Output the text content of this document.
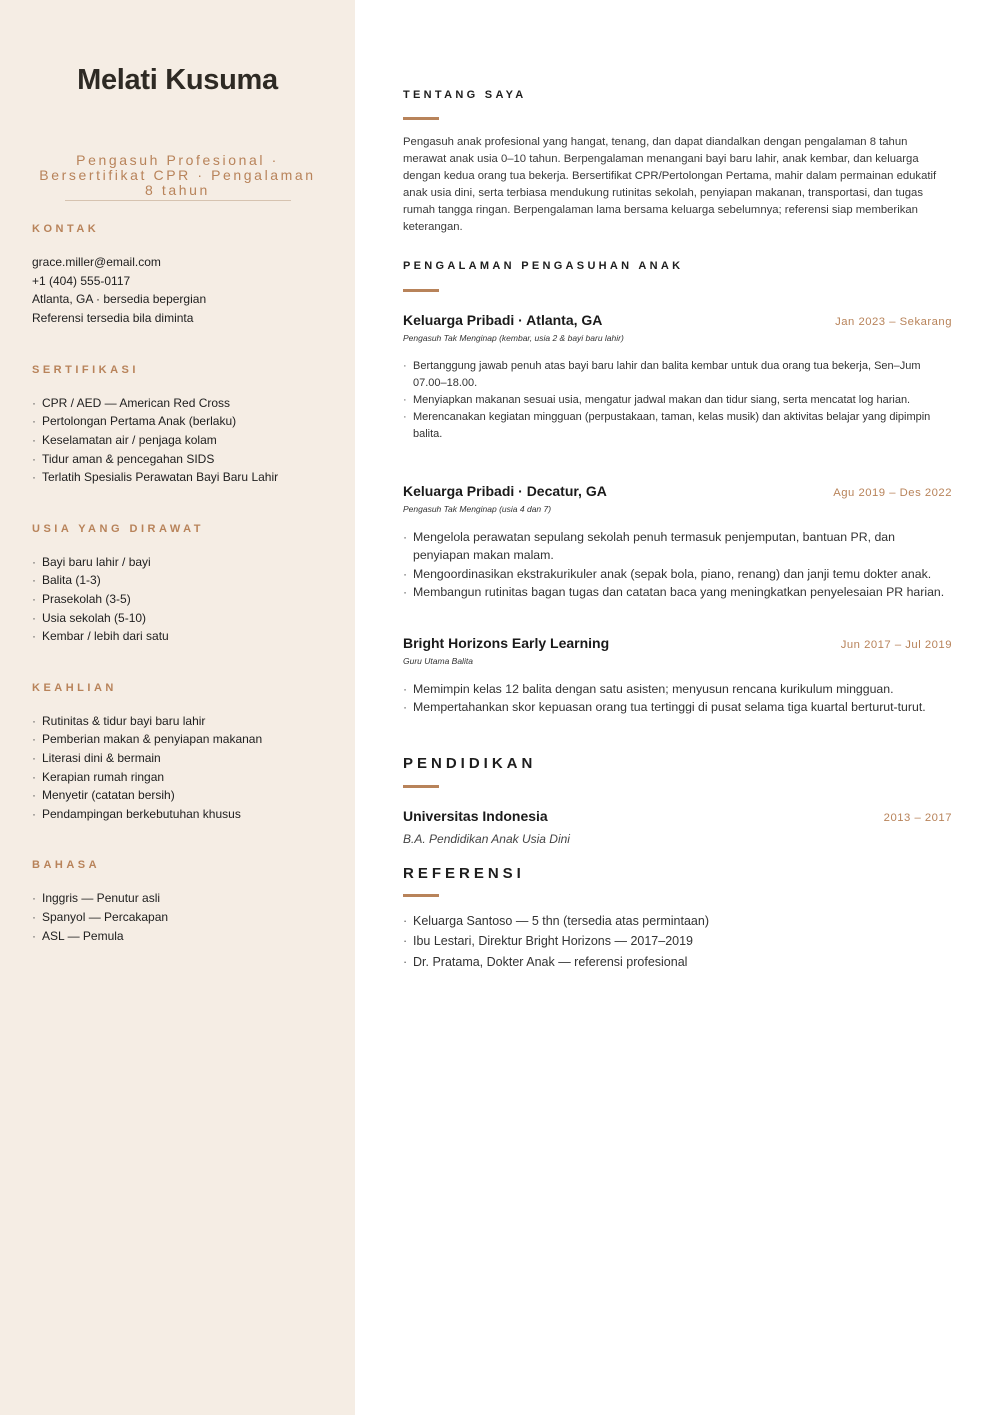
Melati Kusuma
Pengasuh Profesional · Bersertifikat CPR · Pengalaman 8 tahun
KONTAK
grace.miller@email.com
+1 (404) 555-0117
Atlanta, GA · bersedia bepergian
Referensi tersedia bila diminta
SERTIFIKASI
· CPR / AED — American Red Cross
· Pertolongan Pertama Anak (berlaku)
· Keselamatan air / penjaga kolam
· Tidur aman & pencegahan SIDS
· Terlatih Spesialis Perawatan Bayi Baru Lahir
USIA YANG DIRAWAT
· Bayi baru lahir / bayi
· Balita (1-3)
· Prasekolah (3-5)
· Usia sekolah (5-10)
· Kembar / lebih dari satu
KEAHLIAN
· Rutinitas & tidur bayi baru lahir
· Pemberian makan & penyiapan makanan
· Literasi dini & bermain
· Kerapian rumah ringan
· Menyetir (catatan bersih)
· Pendampingan berkebutuhan khusus
BAHASA
· Inggris — Penutur asli
· Spanyol — Percakapan
· ASL — Pemula
TENTANG SAYA

Pengasuh anak profesional yang hangat, tenang, dan dapat diandalkan dengan pengalaman 8 tahun merawat anak usia 0–10 tahun. Berpengalaman menangani bayi baru lahir, anak kembar, dan keluarga dengan kedua orang tua bekerja. Bersertifikat CPR/Pertolongan Pertama, mahir dalam permainan edukatif anak usia dini, serta terbiasa mendukung rutinitas sekolah, penyiapan makanan, transportasi, dan tugas rumah tangga ringan. Berpengalaman lama bersama keluarga sebelumnya; referensi siap memberikan keterangan.

PENGALAMAN PENGASUHAN ANAK
Keluarga Pribadi · Atlanta, GA	Jan 2023 – Sekarang
Pengasuh Tak Menginap (kembar, usia 2 & bayi baru lahir)
· Bertanggung jawab penuh atas bayi baru lahir dan balita kembar untuk dua orang tua bekerja, Sen–Jum 07.00–18.00.
· Menyiapkan makanan sesuai usia, mengatur jadwal makan dan tidur siang, serta mencatat log harian.
· Merencanakan kegiatan mingguan (perpustakaan, taman, kelas musik) dan aktivitas belajar yang dipimpin balita.
Keluarga Pribadi · Decatur, GA	Agu 2019 – Des 2022
Pengasuh Tak Menginap (usia 4 dan 7)
· Mengelola perawatan sepulang sekolah penuh termasuk penjemputan, bantuan PR, dan penyiapan makan malam.
· Mengoordinasikan ekstrakurikuler anak (sepak bola, piano, renang) dan janji temu dokter anak.
· Membangun rutinitas bagan tugas dan catatan baca yang meningkatkan penyelesaian PR harian.
Bright Horizons Early Learning	Jun 2017 – Jul 2019
Guru Utama Balita
· Memimpin kelas 12 balita dengan satu asisten; menyusun rencana kurikulum mingguan.
· Mempertahankan skor kepuasan orang tua tertinggi di pusat selama tiga kuartal berturut-turut.
PENDIDIKAN
Universitas Indonesia	2013 – 2017
B.A. Pendidikan Anak Usia Dini
REFERENSI
· Keluarga Santoso — 5 thn (tersedia atas permintaan)
· Ibu Lestari, Direktur Bright Horizons — 2017–2019
· Dr. Pratama, Dokter Anak — referensi profesional
